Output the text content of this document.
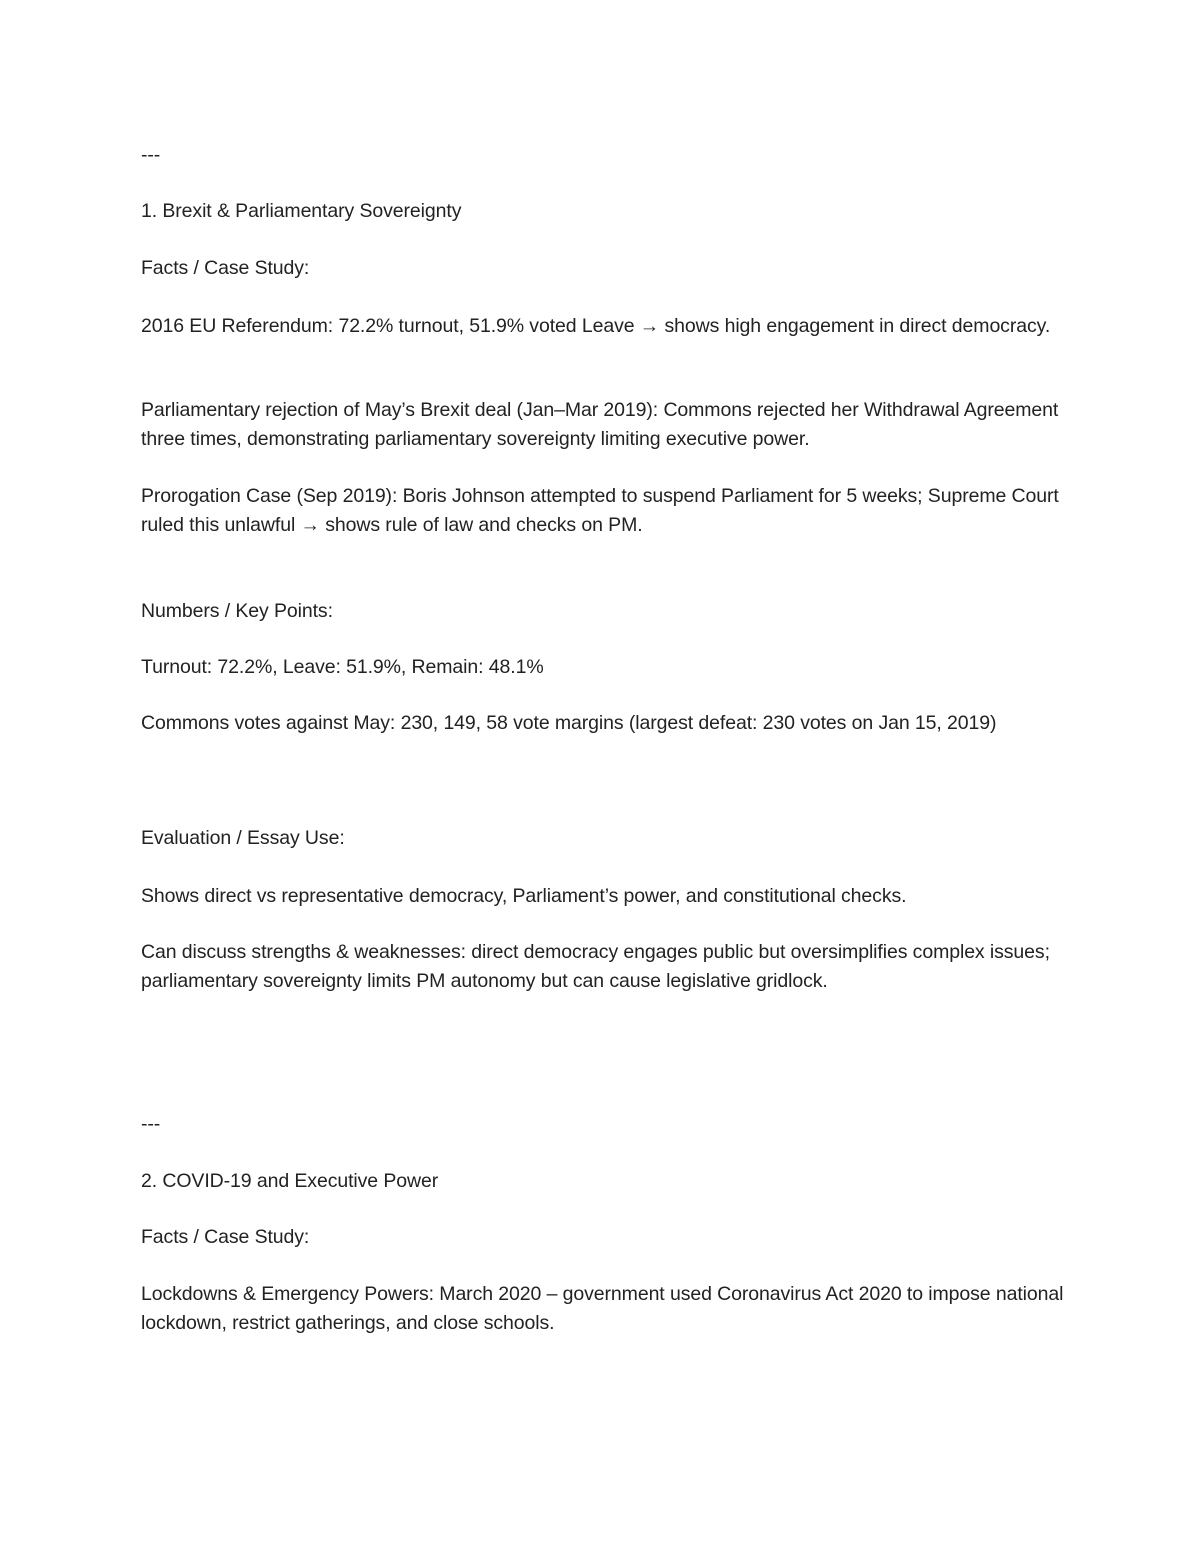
---

1. Brexit & Parliamentary Sovereignty

Facts / Case Study:

2016 EU Referendum: 72.2% turnout, 51.9% voted Leave → shows high engagement in direct democracy.

Parliamentary rejection of May’s Brexit deal (Jan–Mar 2019): Commons rejected her Withdrawal Agreement three times, demonstrating parliamentary sovereignty limiting executive power.

Prorogation Case (Sep 2019): Boris Johnson attempted to suspend Parliament for 5 weeks; Supreme Court ruled this unlawful → shows rule of law and checks on PM.

Numbers / Key Points:

Turnout: 72.2%, Leave: 51.9%, Remain: 48.1%

Commons votes against May: 230, 149, 58 vote margins (largest defeat: 230 votes on Jan 15, 2019)

Evaluation / Essay Use:

Shows direct vs representative democracy, Parliament’s power, and constitutional checks.

Can discuss strengths & weaknesses: direct democracy engages public but oversimplifies complex issues; parliamentary sovereignty limits PM autonomy but can cause legislative gridlock.

---

2. COVID-19 and Executive Power

Facts / Case Study:

Lockdowns & Emergency Powers: March 2020 – government used Coronavirus Act 2020 to impose national lockdown, restrict gatherings, and close schools.
